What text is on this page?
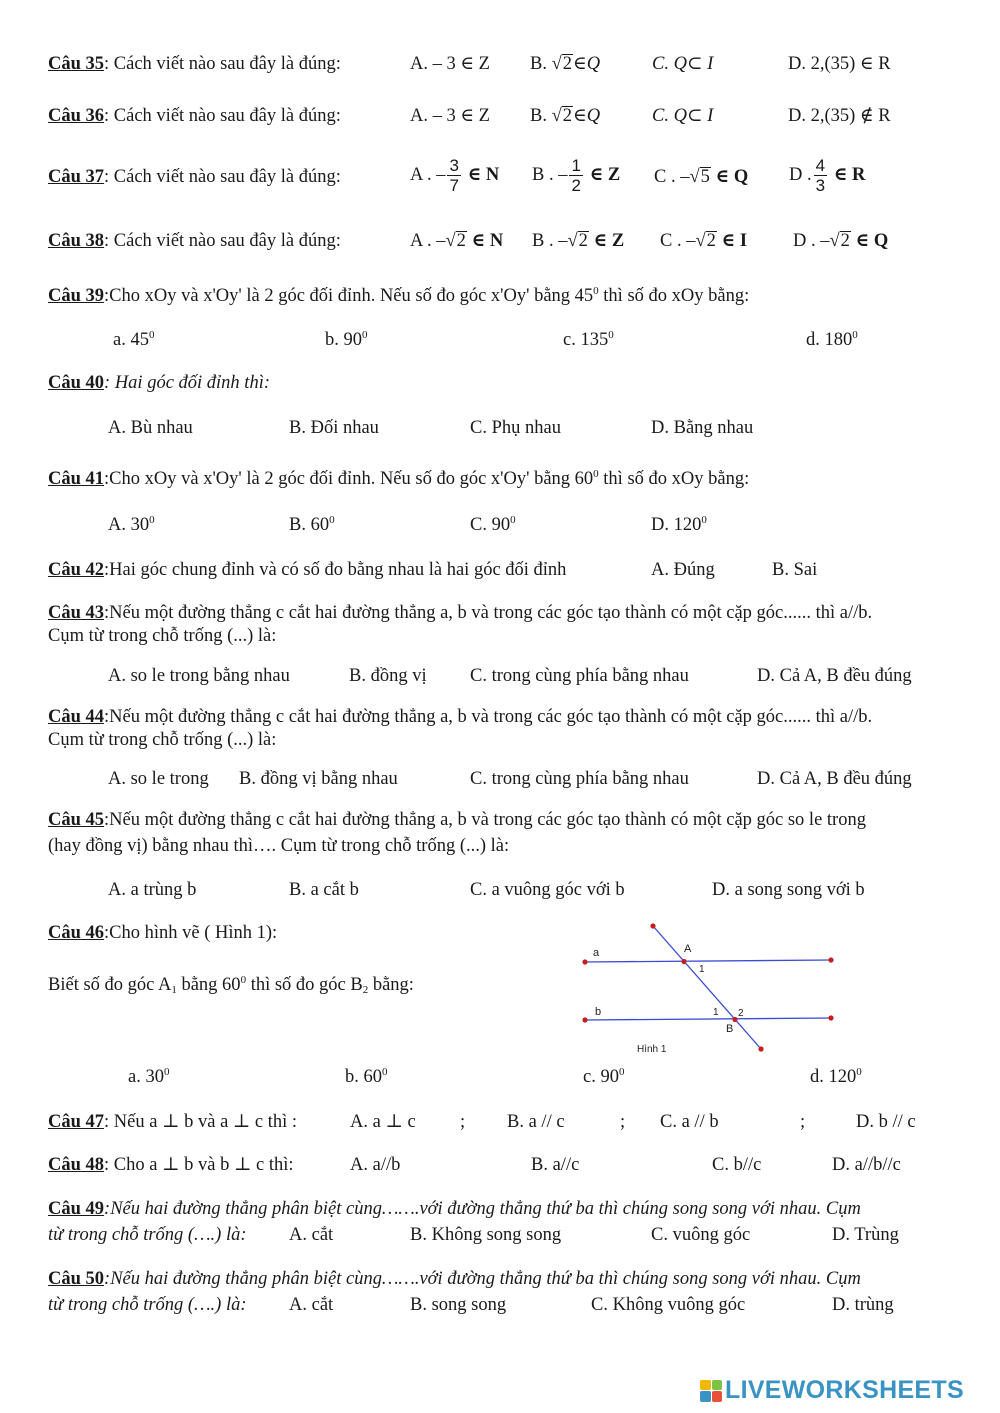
Câu 35: Cách viết nào sau đây là đúng:	A. – 3 ∈ Z B. √2∈Q	C. Q⊂ I	D. 2,(35) ∈ R
Câu 36: Cách viết nào sau đây là đúng:	A. – 3 ∈ Z B. √2∈Q	C. Q⊂ I	D. 2,(35) ∉ R
Câu 37: Cách viết nào sau đây là đúng:	A . – $\frac{3}{7}$ ∈ N B . – $\frac{1}{2}$ ∈ Z C . –√5 ∈ Q D . $\frac{4}{3}$ ∈ R
Câu 38: Cách viết nào sau đây là đúng:	A . –√2 ∈ N B . –√2 ∈ Z C . –√2 ∈ I D . –√2 ∈ Q
Câu 39:Cho xOy và x'Oy' là 2 góc đối đỉnh. Nếu số đo góc x'Oy' bằng $45^0$ thì số đo xOy bằng:
a. $45^0$	b. $90^0$	c. $135^0$	d. $180^0$
Câu 40: Hai góc đối đỉnh thì:
A. Bù nhau	B. Đối nhau	C. Phụ nhau	D. Bằng nhau
Câu 41:Cho xOy và x'Oy' là 2 góc đối đỉnh. Nếu số đo góc x'Oy' bằng $60^0$ thì số đo xOy bằng:
A. $30^0$	B. $60^0$	C. $90^0$	D. $120^0$
Câu 42:Hai góc chung đỉnh và có số đo bằng nhau là hai góc đối đỉnh	A. Đúng	B. Sai
Câu 43:Nếu một đường thẳng c cắt hai đường thẳng a, b và trong các góc tạo thành có một cặp góc...... thì a//b.
Cụm từ trong chỗ trống (...) là:
A. so le trong bằng nhau	B. đồng vị C. trong cùng phía bằng nhau	D. Cả A, B đều đúng
Câu 44:Nếu một đường thẳng c cắt hai đường thẳng a, b và trong các góc tạo thành có một cặp góc...... thì a//b.
Cụm từ trong chỗ trống (...) là:
A. so le trong B. đồng vị bằng nhau	C. trong cùng phía bằng nhau	D. Cả A, B đều đúng
Câu 45:Nếu một đường thẳng c cắt hai đường thẳng a, b và trong các góc tạo thành có một cặp góc so le trong
(hay đồng vị) bằng nhau thì…. Cụm từ trong chỗ trống (...) là:
A. a trùng b	B. a cắt b	C. a vuông góc với b	D. a song song với b
Câu 46:Cho hình vẽ ( Hình 1):
Biết số đo góc $A_1$ bằng $60^0$ thì số đo góc $B_2$ bằng:
a
b
A
1
1 2
B
Hình 1
a. $30^0$	b. $60^0$	c. $90^0$	d. $120^0$
Câu 47: Nếu a ⊥ b và a ⊥ c thì :	A. a ⊥ c ; B. a // c	; C. a // b	;	D. b // c
Câu 48: Cho a ⊥ b và b ⊥ c thì:	A. a//b	B. a//c	C. b//c	D. a//b//c
Câu 49:Nếu hai đường thẳng phân biệt cùng…….với đường thẳng thứ ba thì chúng song song với nhau. Cụm
từ trong chỗ trống (….) là: A. cắt	B. Không song song	C. vuông góc	D. Trùng
Câu 50:Nếu hai đường thẳng phân biệt cùng…….với đường thẳng thứ ba thì chúng song song với nhau. Cụm
từ trong chỗ trống (….) là: A. cắt	B. song song	C. Không vuông góc	D. trùng
LIVEWORKSHEETS
